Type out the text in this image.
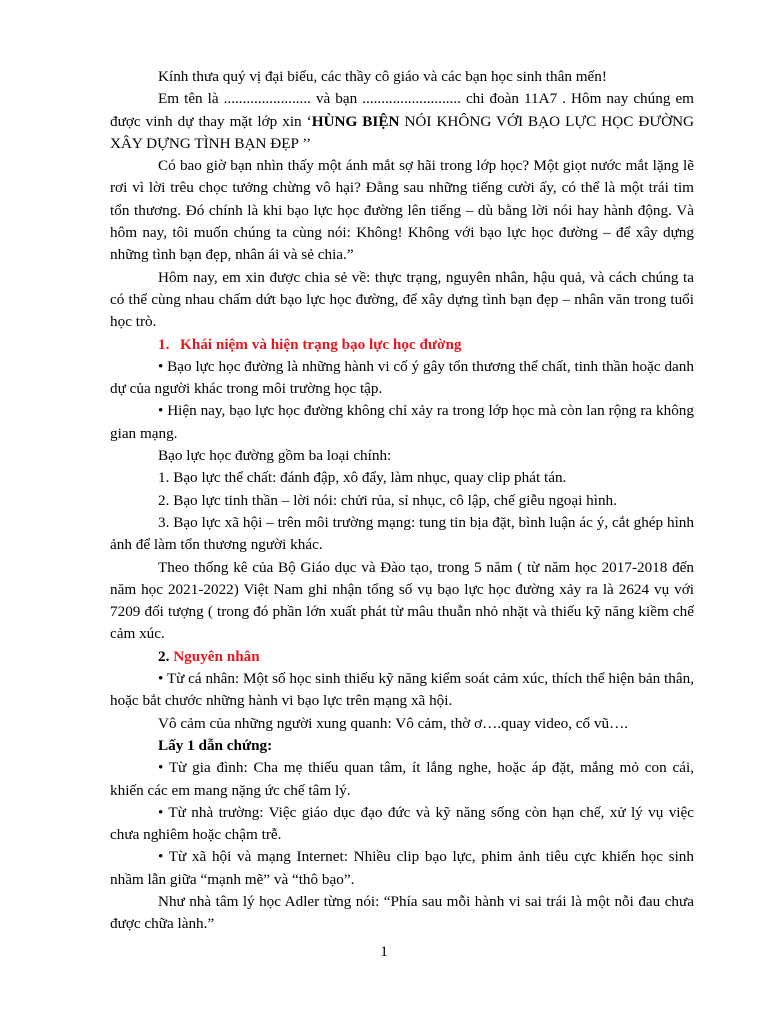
Kính thưa quý vị đại biểu, các thầy cô giáo và các bạn học sinh thân mến!

Em tên là ....................... và bạn .......................... chi đoàn 11A7 . Hôm nay chúng em được vinh dự thay mặt lớp xin ‘HÙNG BIỆN NÓI KHÔNG VỚI BẠO LỰC HỌC ĐƯỜNG XÂY DỰNG TÌNH BẠN ĐẸP ’’

Có bao giờ bạn nhìn thấy một ánh mắt sợ hãi trong lớp học? Một giọt nước mắt lặng lẽ rơi vì lời trêu chọc tưởng chừng vô hại? Đằng sau những tiếng cười ấy, có thể là một trái tim tổn thương. Đó chính là khi bạo lực học đường lên tiếng – dù bằng lời nói hay hành động. Và hôm nay, tôi muốn chúng ta cùng nói: Không! Không với bạo lực học đường – để xây dựng những tình bạn đẹp, nhân ái và sẻ chia.”

Hôm nay, em xin được chia sẻ về: thực trạng, nguyên nhân, hậu quả, và cách chúng ta có thể cùng nhau chấm dứt bạo lực học đường, để xây dựng tình bạn đẹp – nhân văn trong tuổi học trò.

1. Khái niệm và hiện trạng bạo lực học đường

• Bạo lực học đường là những hành vi cố ý gây tổn thương thể chất, tinh thần hoặc danh dự của người khác trong môi trường học tập.

• Hiện nay, bạo lực học đường không chỉ xảy ra trong lớp học mà còn lan rộng ra không gian mạng.

Bạo lực học đường gồm ba loại chính:

1. Bạo lực thể chất: đánh đập, xô đẩy, làm nhục, quay clip phát tán.

2. Bạo lực tinh thần – lời nói: chửi rủa, sỉ nhục, cô lập, chế giễu ngoại hình.

3. Bạo lực xã hội – trên môi trường mạng: tung tin bịa đặt, bình luận ác ý, cắt ghép hình ảnh để làm tổn thương người khác.

Theo thống kê của Bộ Giáo dục và Đào tạo, trong 5 năm ( từ năm học 2017-2018 đến năm học 2021-2022) Việt Nam ghi nhận tổng số vụ bạo lực học đường xảy ra là 2624 vụ với 7209 đối tượng ( trong đó phần lớn xuất phát từ mâu thuẫn nhỏ nhặt và thiếu kỹ năng kiềm chế cảm xúc.

2. Nguyên nhân

• Từ cá nhân: Một số học sinh thiếu kỹ năng kiểm soát cảm xúc, thích thể hiện bản thân, hoặc bắt chước những hành vi bạo lực trên mạng xã hội.

Vô cảm của những người xung quanh: Vô cảm, thờ ơ….quay video, cổ vũ….

Lấy 1 dẫn chứng:

• Từ gia đình: Cha mẹ thiếu quan tâm, ít lắng nghe, hoặc áp đặt, mắng mỏ con cái, khiến các em mang nặng ức chế tâm lý.

• Từ nhà trường: Việc giáo dục đạo đức và kỹ năng sống còn hạn chế, xử lý vụ việc chưa nghiêm hoặc chậm trễ.

• Từ xã hội và mạng Internet: Nhiều clip bạo lực, phim ảnh tiêu cực khiến học sinh nhầm lẫn giữa “mạnh mẽ” và “thô bạo”.

Như nhà tâm lý học Adler từng nói: “Phía sau mỗi hành vi sai trái là một nỗi đau chưa được chữa lành.”

1
